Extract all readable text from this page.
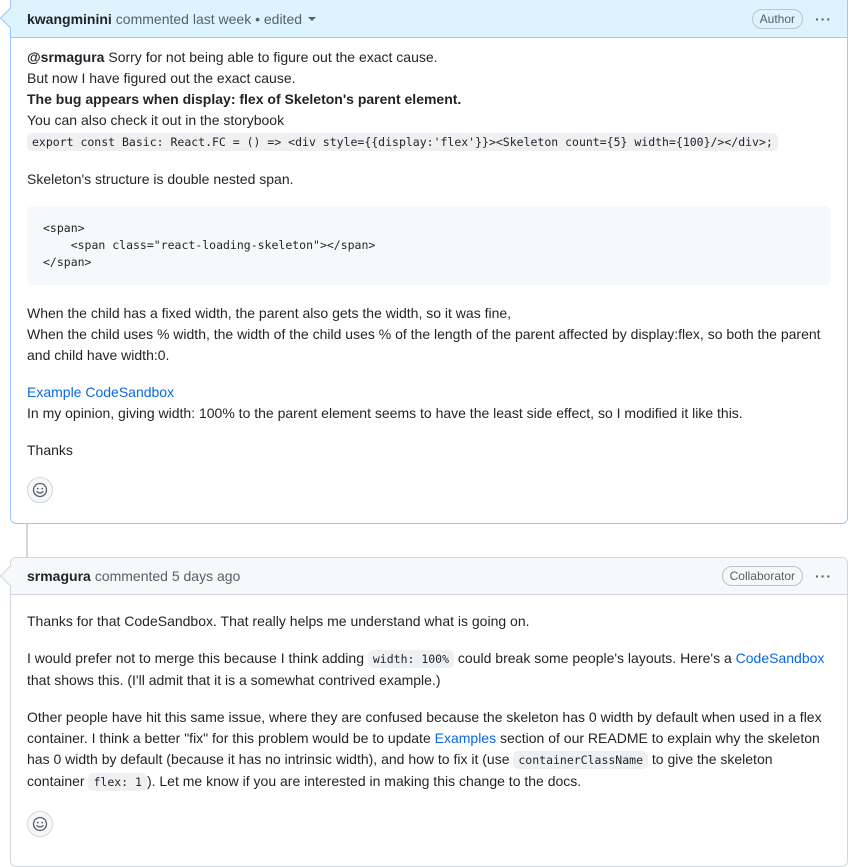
kwangminini commented last week • edited	Author	···

@srmagura Sorry for not being able to figure out the exact cause.

But now I have figured out the exact cause.

The bug appears when display: flex of Skeleton's parent element.

You can also check it out in the storybook

export const Basic: React.FC = () => <div style={{display:'flex'}}><Skeleton count={5} width={100}/></div>;

Skeleton's structure is double nested span.

<span>
<span class="react-loading-skeleton"></span>
</span>

When the child has a fixed width, the parent also gets the width, so it was fine,

When the child uses % width, the width of the child uses % of the length of the parent affected by display:flex, so both the parent and child have width:0.

Example CodeSandbox

In my opinion, giving width: 100% to the parent element seems to have the least side effect, so I modified it like this.

Thanks

srmagura commented 5 days ago	Collaborator	···

Thanks for that CodeSandbox. That really helps me understand what is going on.

I would prefer not to merge this because I think adding width: 100% could break some people's layouts. Here's a CodeSandbox that shows this. (I'll admit that it is a somewhat contrived example.)

Other people have hit this same issue, where they are confused because the skeleton has 0 width by default when used in a flex container. I think a better "fix" for this problem would be to update Examples section of our README to explain why the skeleton has 0 width by default (because it has no intrinsic width), and how to fix it (use containerClassName to give the skeleton container flex: 1 ). Let me know if you are interested in making this change to the docs.
